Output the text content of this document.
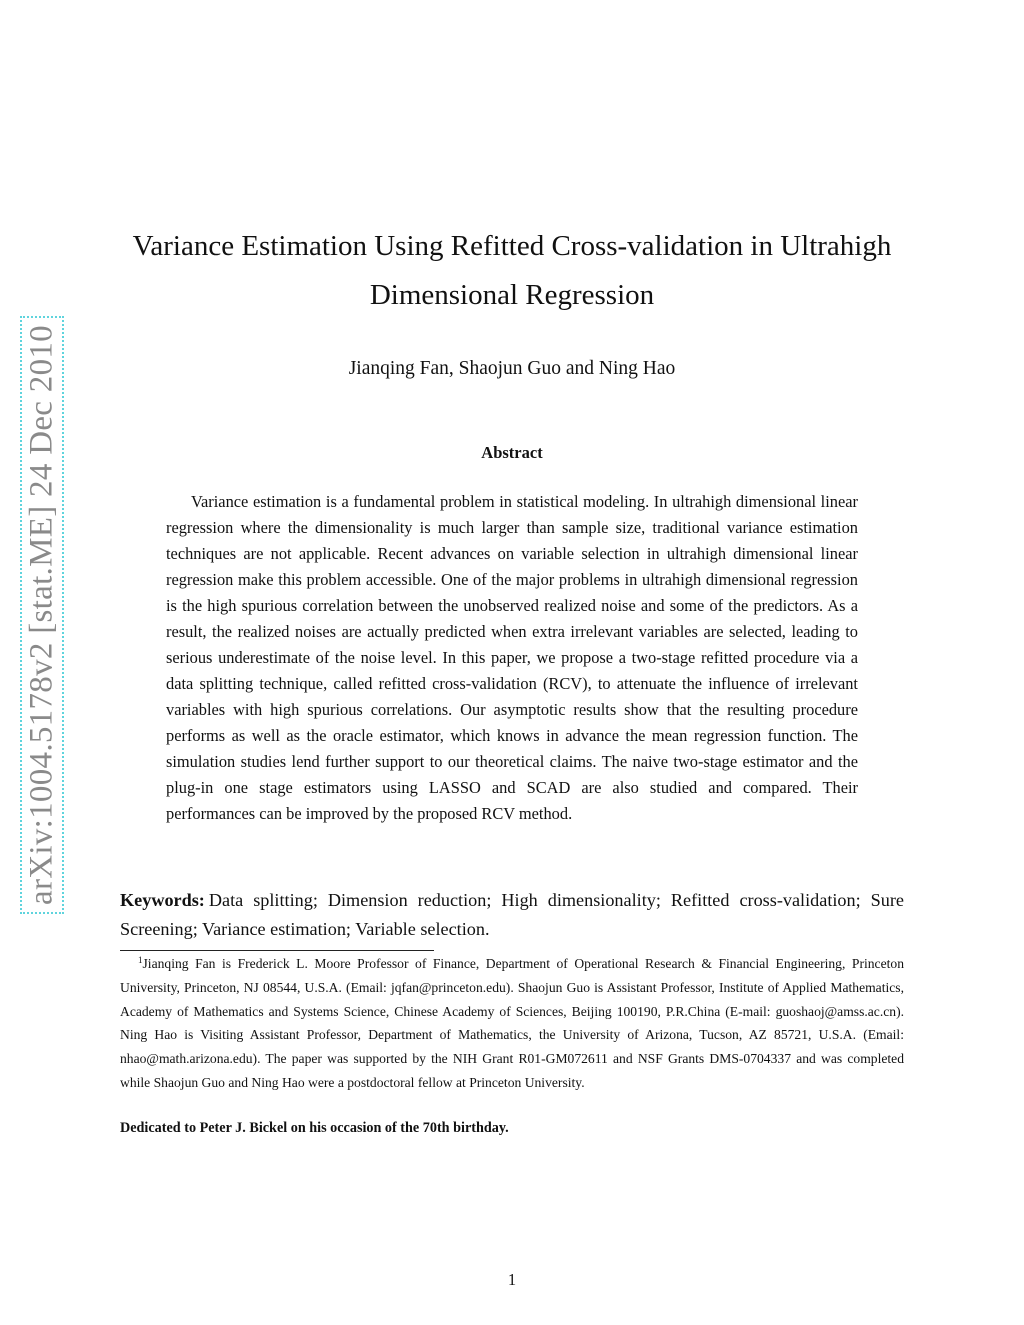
arXiv:1004.5178v2 [stat.ME] 24 Dec 2010
Variance Estimation Using Refitted Cross-validation in Ultrahigh
Dimensional Regression
Jianqing Fan, Shaojun Guo and Ning Hao
Abstract

Variance estimation is a fundamental problem in statistical modeling. In ultrahigh dimensional linear regression where the dimensionality is much larger than sample size, traditional variance estimation techniques are not applicable. Recent advances on variable selection in ultrahigh dimensional linear regression make this problem accessible. One of the major problems in ultrahigh dimensional regression is the high spurious correlation between the unobserved realized noise and some of the predictors. As a result, the realized noises are actually predicted when extra irrelevant variables are selected, leading to serious underestimate of the noise level. In this paper, we propose a two-stage refitted procedure via a data splitting technique, called refitted cross-validation (RCV), to attenuate the influence of irrelevant variables with high spurious correlations. Our asymptotic results show that the resulting procedure performs as well as the oracle estimator, which knows in advance the mean regression function. The simulation studies lend further support to our theoretical claims. The naive two-stage estimator and the plug-in one stage estimators using LASSO and SCAD are also studied and compared. Their performances can be improved by the proposed RCV method.

Keywords: Data splitting; Dimension reduction; High dimensionality; Refitted cross-validation; Sure Screening; Variance estimation; Variable selection.

$^1$Jianqing Fan is Frederick L. Moore Professor of Finance, Department of Operational Research & Financial Engineering, Princeton University, Princeton, NJ 08544, U.S.A. (Email: jqfan@princeton.edu). Shaojun Guo is Assistant Professor, Institute of Applied Mathematics, Academy of Mathematics and Systems Science, Chinese Academy of Sciences, Beijing 100190, P.R.China (E-mail: guoshaoj@amss.ac.cn). Ning Hao is Visiting Assistant Professor, Department of Mathematics, the University of Arizona, Tucson, AZ 85721, U.S.A. (Email: nhao@math.arizona.edu). The paper was supported by the NIH Grant R01-GM072611 and NSF Grants DMS-0704337 and was completed while Shaojun Guo and Ning Hao were a postdoctoral fellow at Princeton University.

Dedicated to Peter J. Bickel on his occasion of the 70th birthday.

1
